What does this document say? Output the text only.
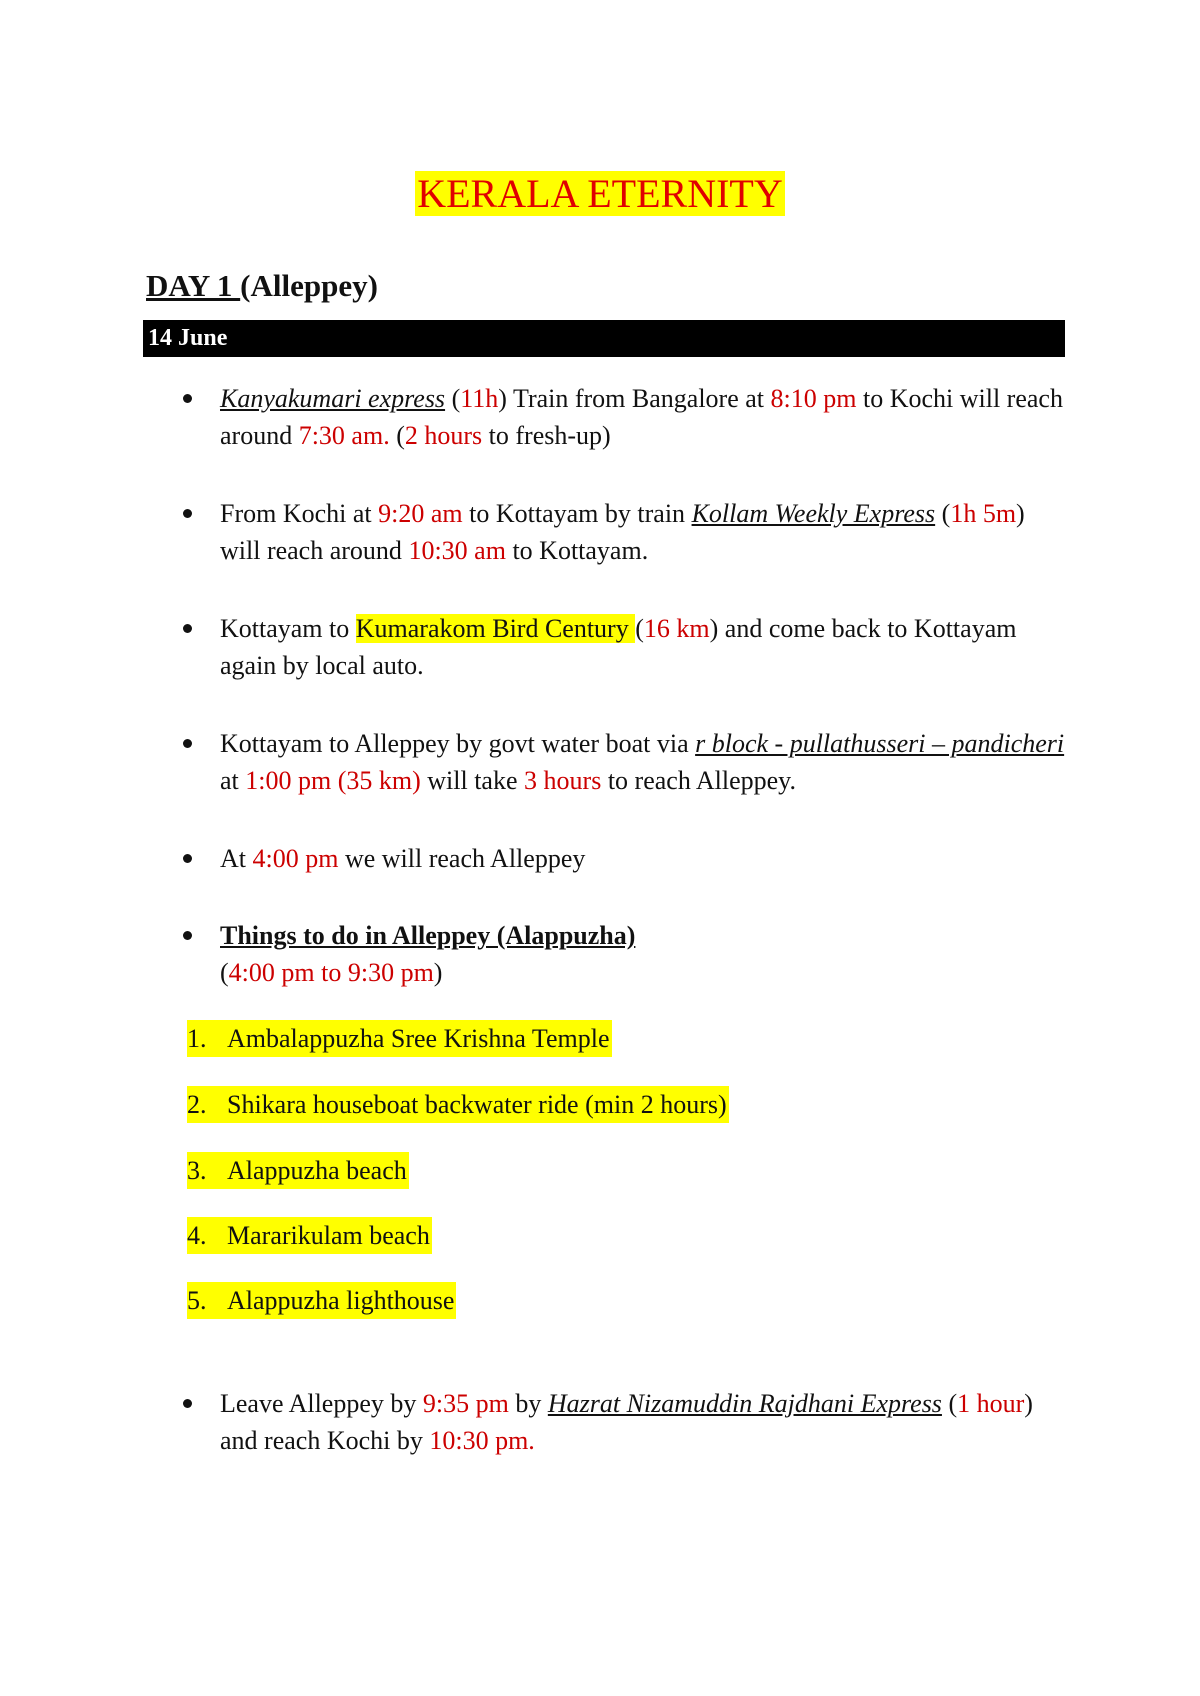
KERALA ETERNITY
DAY 1 (Alleppey)
14 June
Kanyakumari express (11h) Train from Bangalore at 8:10 pm to Kochi will reach around 7:30 am. (2 hours to fresh-up)
From Kochi at 9:20 am to Kottayam by train Kollam Weekly Express (1h 5m) will reach around 10:30 am to Kottayam.
Kottayam to Kumarakom Bird Century (16 km) and come back to Kottayam again by local auto.
Kottayam to Alleppey by govt water boat via r block - pullathusseri – pandicheri at 1:00 pm (35 km) will take 3 hours to reach Alleppey.
At 4:00 pm we will reach Alleppey
Things to do in Alleppey (Alappuzha)
(4:00 pm to 9:30 pm)
1. Ambalappuzha Sree Krishna Temple
2. Shikara houseboat backwater ride (min 2 hours)
3. Alappuzha beach
4. Mararikulam beach
5. Alappuzha lighthouse
Leave Alleppey by 9:35 pm by Hazrat Nizamuddin Rajdhani Express (1 hour) and reach Kochi by 10:30 pm.
